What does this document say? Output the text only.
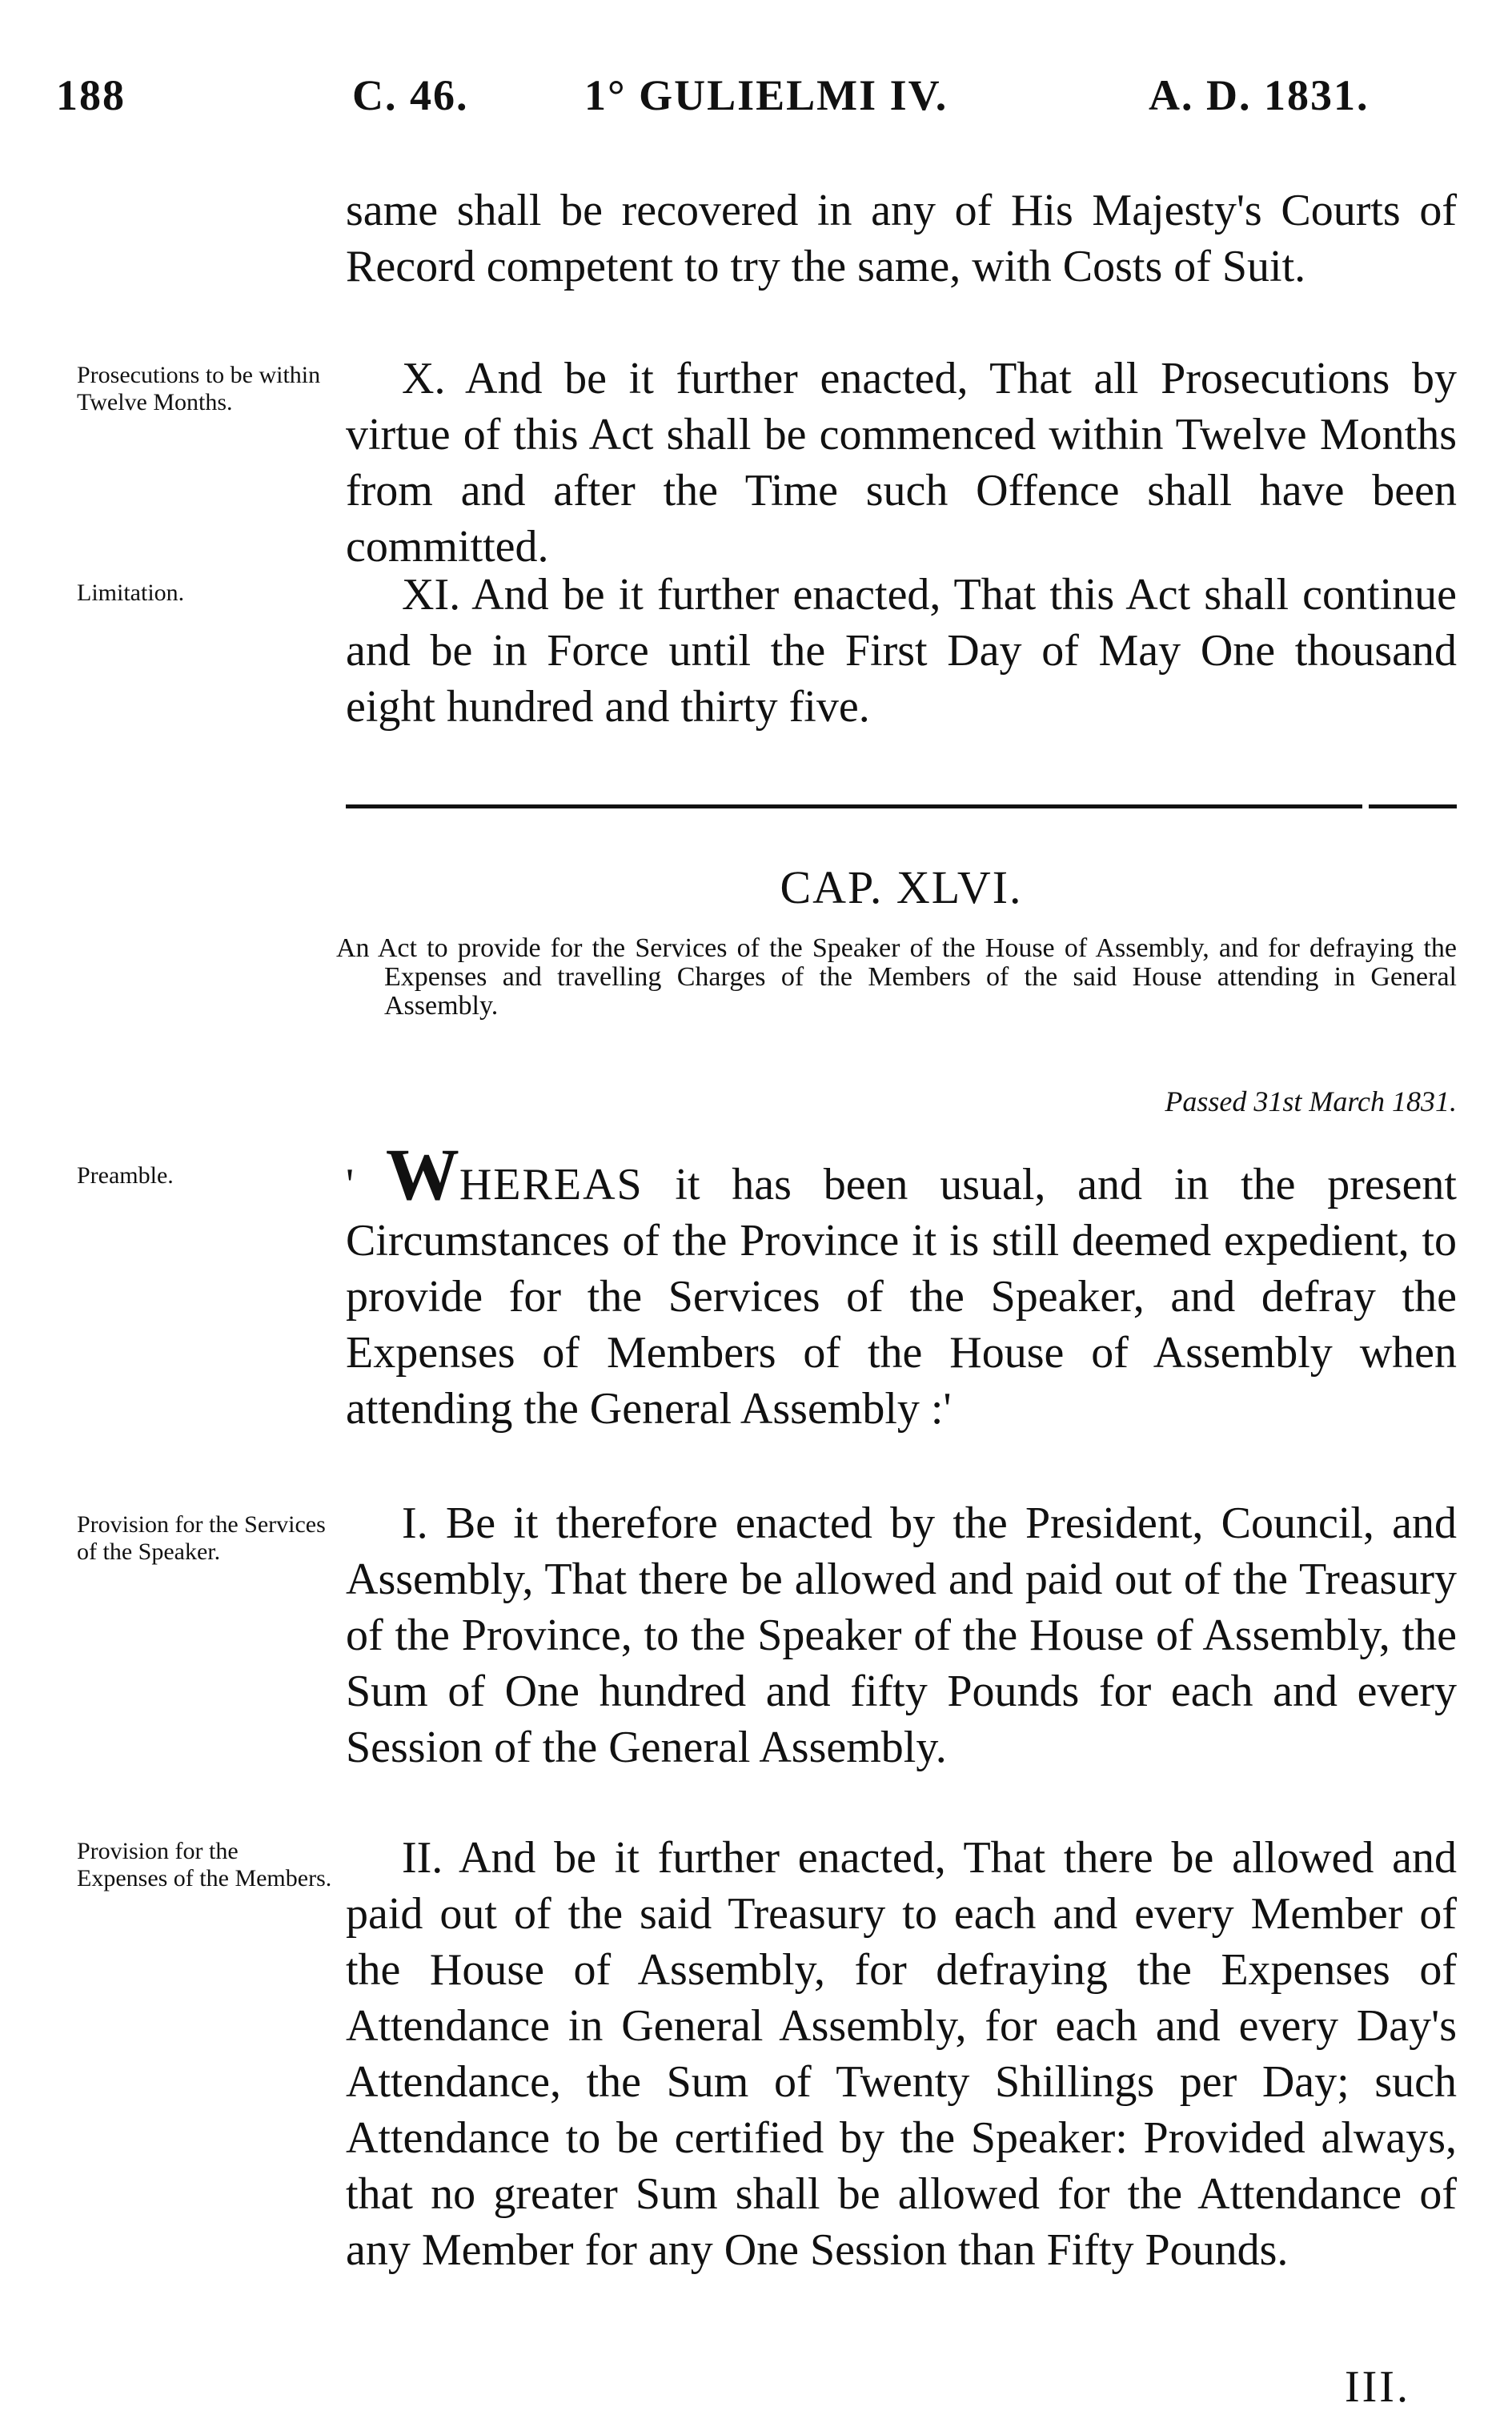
188	C. 46.	1° GULIELMI IV.	A. D. 1831.

same shall be recovered in any of His Majesty's Courts of Record competent to try the same, with Costs of Suit.

Prosecutions to be within Twelve Months.	X. And be it further enacted, That all Prosecutions by virtue of this Act shall be commenced within Twelve Months from and after the Time such Offence shall have been committed.

Limitation.	XI. And be it further enacted, That this Act shall continue and be in Force until the First Day of May One thousand eight hundred and thirty five.

CAP. XLVI.

An Act to provide for the Services of the Speaker of the House of Assembly, and for defraying the Expenses and travelling Charges of the Members of the said House attending in General Assembly.

Passed 31st March 1831.
Preamble.	' WHEREAS it has been usual, and in the present Circumstances of the Province it is still deemed expedient, to provide for the Services of the Speaker, and defray the Expenses of Members of the House of Assembly when attending the General Assembly :'

Provision for the Services of the Speaker.

I. Be it therefore enacted by the President, Council, and Assembly, That there be allowed and paid out of the Treasury of the Province, to the Speaker of the House of Assembly, the Sum of One hundred and fifty Pounds for each and every Session of the General Assembly.

Provision for the Expenses of the Members.	II. And be it further enacted, That there be allowed and paid out of the said Treasury to each and every Member of the House of Assembly, for defraying the Expenses of Attendance in General Assembly, for each and every Day's Attendance, the Sum of Twenty Shillings per Day; such Attendance to be certified by the Speaker: Provided always, that no greater Sum shall be allowed for the Attendance of any Member for any One Session than Fifty Pounds.

III.
